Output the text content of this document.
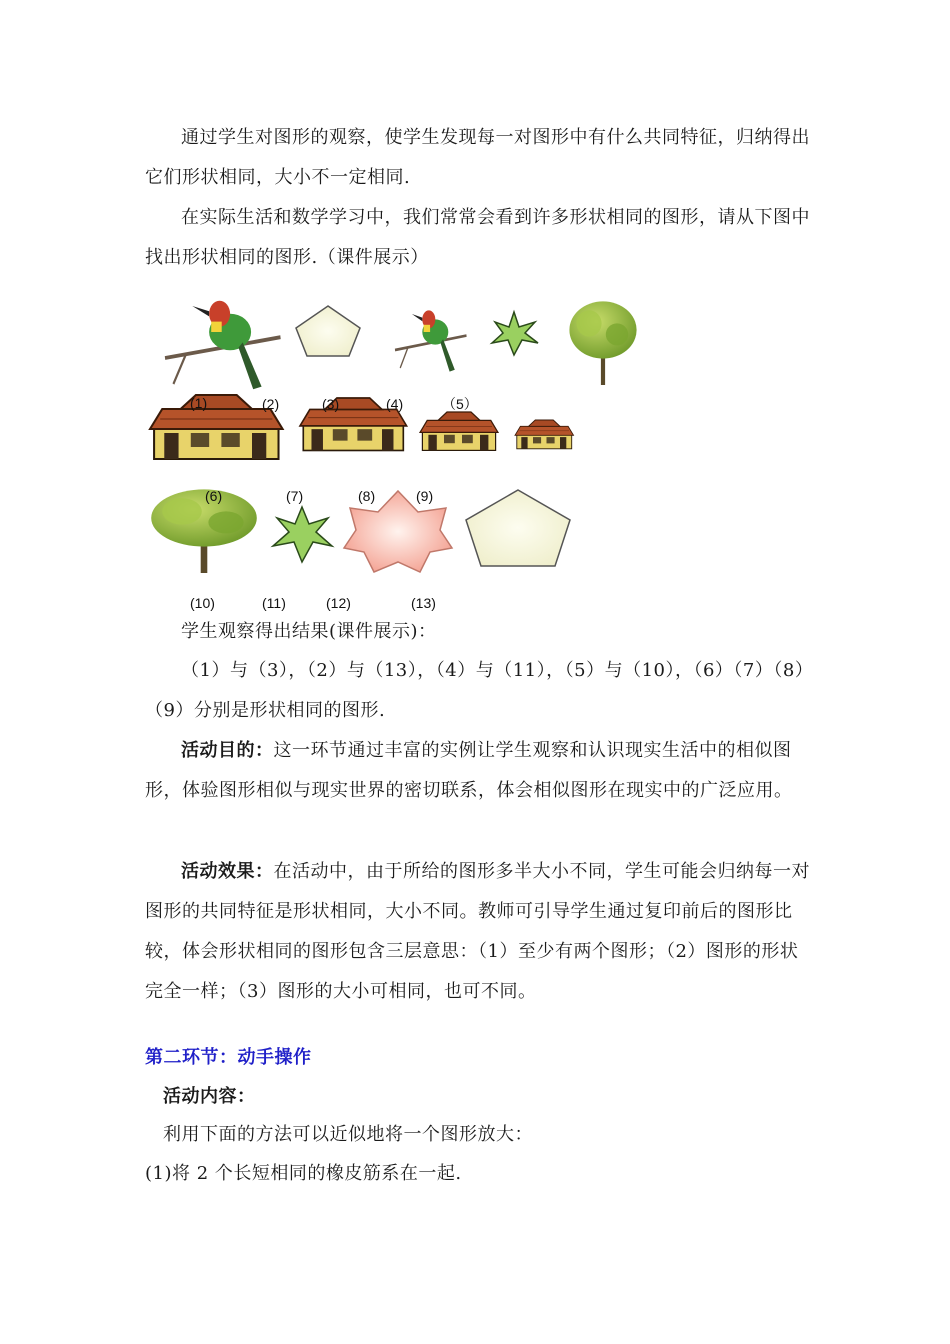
通过学生对图形的观察，使学生发现每一对图形中有什么共同特征，归纳得出它们形状相同，大小不一定相同.

在实际生活和数学学习中，我们常常会看到许多形状相同的图形，请从下图中找出形状相同的图形.（课件展示）

(1)	(2)	(3)	(4)	（5）
(6)	(7)	(8)	(9)
(10)	(11)	(12)	(13)

学生观察得出结果(课件展示)：

（1）与（3），（2）与（13），（4）与（11），（5）与（10），（6）（7）（8）（9）分别是形状相同的图形.

活动目的：这一环节通过丰富的实例让学生观察和认识现实生活中的相似图形，体验图形相似与现实世界的密切联系，体会相似图形在现实中的广泛应用。

活动效果：在活动中，由于所给的图形多半大小不同，学生可能会归纳每一对图形的共同特征是形状相同，大小不同。教师可引导学生通过复印前后的图形比较，体会形状相同的图形包含三层意思：（1）至少有两个图形；（2）图形的形状完全一样；（3）图形的大小可相同，也可不同。

第二环节：动手操作

活动内容：

利用下面的方法可以近似地将一个图形放大：

(1)将 2 个长短相同的橡皮筋系在一起.
